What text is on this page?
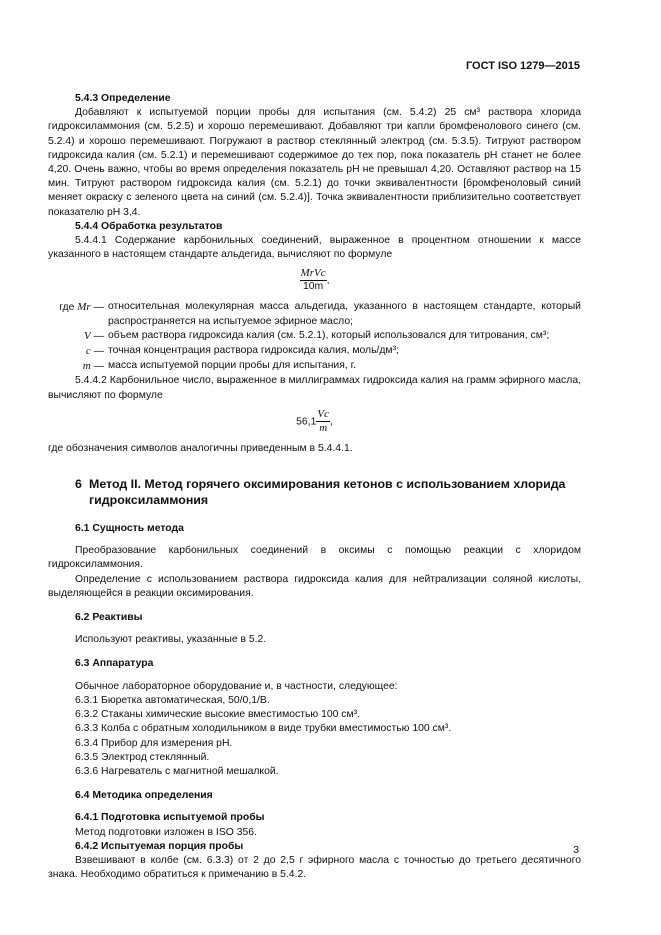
ГОСТ ISO 1279—2015

5.4.3 Определение

Добавляют к испытуемой порции пробы для испытания (см. 5.4.2) 25 см³ раствора хлорида гидроксиламмония (см. 5.2.5) и хорошо перемешивают. Добавляют три капли бромфенолового синего (см. 5.2.4) и хорошо перемешивают. Погружают в раствор стеклянный электрод (см. 5.3.5). Титруют раствором гидроксида калия (см. 5.2.1) и перемешивают содержимое до тех пор, пока показатель pH станет не более 4,20. Очень важно, чтобы во время определения показатель pH не превышал 4,20. Оставляют раствор на 15 мин. Титруют раствором гидроксида калия (см. 5.2.1) до точки эквивалентности [бромфеноловый синий меняет окраску с зеленого цвета на синий (см. 5.2.4)]. Точка эквивалентности приблизительно соответствует показателю pH 3,4.

5.4.4 Обработка результатов

5.4.4.1 Содержание карбонильных соединений, выраженное в процентном отношении к массе указанного в настоящем стандарте альдегида, вычисляют по формуле

$\frac{\text{MrVc}}{10m}$ ,
где Mr — относительная молекулярная масса альдегида, указанного в настоящем стандарте, который распространяется на испытуемое эфирное масло;
V — объем раствора гидроксида калия (см. 5.2.1), который использовался для титрования, см³;
c — точная концентрация раствора гидроксида калия, моль/дм³;
m — масса испытуемой порции пробы для испытания, г.

5.4.4.2 Карбонильное число, выраженное в миллиграммах гидроксида калия на грамм эфирного масла, вычисляют по формуле

$56,1 \frac{Vc}{m}$ ,

где обозначения символов аналогичны приведенным в 5.4.4.1.

6 Метод II. Метод горячего оксимирования кетонов с использованием хлорида гидроксиламмония

6.1 Сущность метода

Преобразование карбонильных соединений в оксимы с помощью реакции с хлоридом гидроксиламмония.

Определение с использованием раствора гидроксида калия для нейтрализации соляной кислоты, выделяющейся в реакции оксимирования.

6.2 Реактивы

Используют реактивы, указанные в 5.2.

6.3 Аппаратура

Обычное лабораторное оборудование и, в частности, следующее:

6.3.1 Бюретка автоматическая, 50/0,1/В.

6.3.2 Стаканы химические высокие вместимостью 100 см³.

6.3.3 Колба с обратным холодильником в виде трубки вместимостью 100 см³.

6.3.4 Прибор для измерения pH.

6.3.5 Электрод стеклянный.

6.3.6 Нагреватель с магнитной мешалкой.

6.4 Методика определения

6.4.1 Подготовка испытуемой пробы

Метод подготовки изложен в ISO 356.

6.4.2 Испытуемая порция пробы

Взвешивают в колбе (см. 6.3.3) от 2 до 2,5 г эфирного масла с точностью до третьего десятичного знака. Необходимо обратиться к примечанию в 5.4.2.

3
